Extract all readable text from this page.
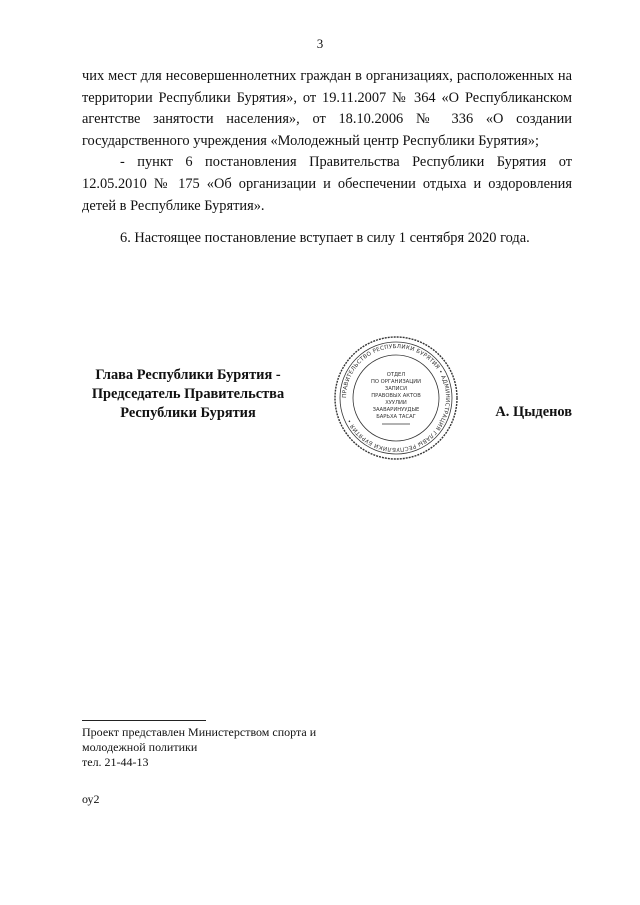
3

чих мест для несовершеннолетних граждан в организациях, расположенных на территории Республики Бурятия», от 19.11.2007 № 364 «О Республиканском агентстве занятости населения», от 18.10.2006 № 336 «О создании государственного учреждения «Молодежный центр Республики Бурятия»;

- пункт 6 постановления Правительства Республики Бурятия от 12.05.2010 № 175 «Об организации и обеспечении отдыха и оздоровления детей в Республике Бурятия».

6. Настоящее постановление вступает в силу 1 сентября 2020 года.

Глава Республики Бурятия -
Председатель Правительства
Республики Бурятия
ПРАВИТЕЛЬСТВО РЕСПУБЛИКИ БУРЯТИЯ • АДМИНИСТРАЦИЯ ГЛАВЫ РЕСПУБЛИКИ БУРЯТИЯ •
ОТДЕЛ
ПО ОРГАНИЗАЦИИ
ЗАПИСИ
ПРАВОВЫХ АКТОВ
ХУУЛИИ
ЗААВАРИНУУДЫЕ
БАРЬХА ТАСАГ	А. Цыденов
Проект представлен Министерством спорта и
молодежной политики
тел. 21-44-13
оу2
